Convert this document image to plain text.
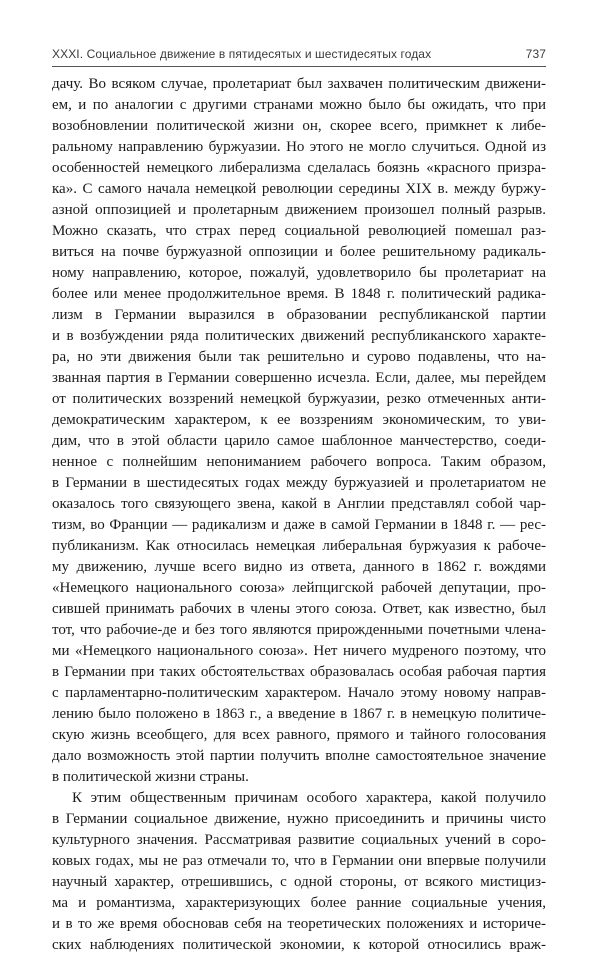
XXXI. Социальное движение в пятидесятых и шестидесятых годах	737
дачу. Во всяком случае, пролетариат был захвачен политическим движени-
ем, и по аналогии с другими странами можно было бы ожидать, что при
возобновлении политической жизни он, скорее всего, примкнет к либе-
ральному направлению буржуазии. Но этого не могло случиться. Одной из
особенностей немецкого либерализма сделалась боязнь «красного призра-
ка». С самого начала немецкой революции середины XIX в. между буржу-
азной оппозицией и пролетарным движением произошел полный разрыв.
Можно сказать, что страх перед социальной революцией помешал раз-
виться на почве буржуазной оппозиции и более решительному радикаль-
ному направлению, которое, пожалуй, удовлетворило бы пролетариат на
более или менее продолжительное время. В 1848 г. политический радика-
лизм в Германии выразился в образовании республиканской партии
и в возбуждении ряда политических движений республиканского характе-
ра, но эти движения были так решительно и сурово подавлены, что на-
званная партия в Германии совершенно исчезла. Если, далее, мы перейдем
от политических воззрений немецкой буржуазии, резко отмеченных анти-
демократическим характером, к ее воззрениям экономическим, то уви-
дим, что в этой области царило самое шаблонное манчестерство, соеди-
ненное с полнейшим непониманием рабочего вопроса. Таким образом,
в Германии в шестидесятых годах между буржуазией и пролетариатом не
оказалось того связующего звена, какой в Англии представлял собой чар-
тизм, во Франции — радикализм и даже в самой Германии в 1848 г. — рес-
публиканизм. Как относилась немецкая либеральная буржуазия к рабоче-
му движению, лучше всего видно из ответа, данного в 1862 г. вождями
«Немецкого национального союза» лейпцигской рабочей депутации, про-
сившей принимать рабочих в члены этого союза. Ответ, как известно, был
тот, что рабочие-де и без того являются прирожденными почетными члена-
ми «Немецкого национального союза». Нет ничего мудреного поэтому, что
в Германии при таких обстоятельствах образовалась особая рабочая партия
с парламентарно-политическим характером. Начало этому новому направ-
лению было положено в 1863 г., а введение в 1867 г. в немецкую политиче-
скую жизнь всеобщего, для всех равного, прямого и тайного голосования
дало возможность этой партии получить вполне самостоятельное значение
в политической жизни страны.
К этим общественным причинам особого характера, какой получило
в Германии социальное движение, нужно присоединить и причины чисто
культурного значения. Рассматривая развитие социальных учений в соро-
ковых годах, мы не раз отмечали то, что в Германии они впервые получили
научный характер, отрешившись, с одной стороны, от всякого мистициз-
ма и романтизма, характеризующих более ранние социальные учения,
и в то же время обосновав себя на теоретических положениях и историче-
ских наблюдениях политической экономии, к которой относились враж-
